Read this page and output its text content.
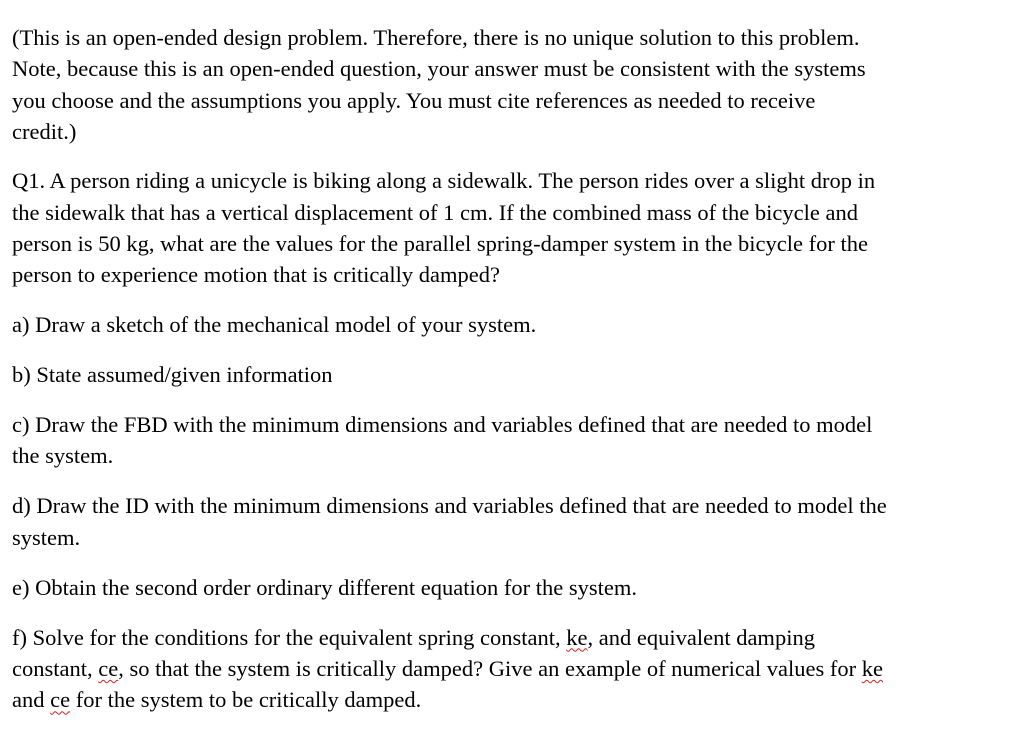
(This is an open-ended design problem. Therefore, there is no unique solution to this problem.
Note, because this is an open-ended question, your answer must be consistent with the systems
you choose and the assumptions you apply. You must cite references as needed to receive
credit.)

Q1. A person riding a unicycle is biking along a sidewalk. The person rides over a slight drop in
the sidewalk that has a vertical displacement of 1 cm. If the combined mass of the bicycle and
person is 50 kg, what are the values for the parallel spring-damper system in the bicycle for the
person to experience motion that is critically damped?

a) Draw a sketch of the mechanical model of your system.

b) State assumed/given information

c) Draw the FBD with the minimum dimensions and variables defined that are needed to model
the system.

d) Draw the ID with the minimum dimensions and variables defined that are needed to model the
system.

e) Obtain the second order ordinary different equation for the system.

f) Solve for the conditions for the equivalent spring constant, ke, and equivalent damping
constant, ce, so that the system is critically damped? Give an example of numerical values for ke
and ce for the system to be critically damped.
